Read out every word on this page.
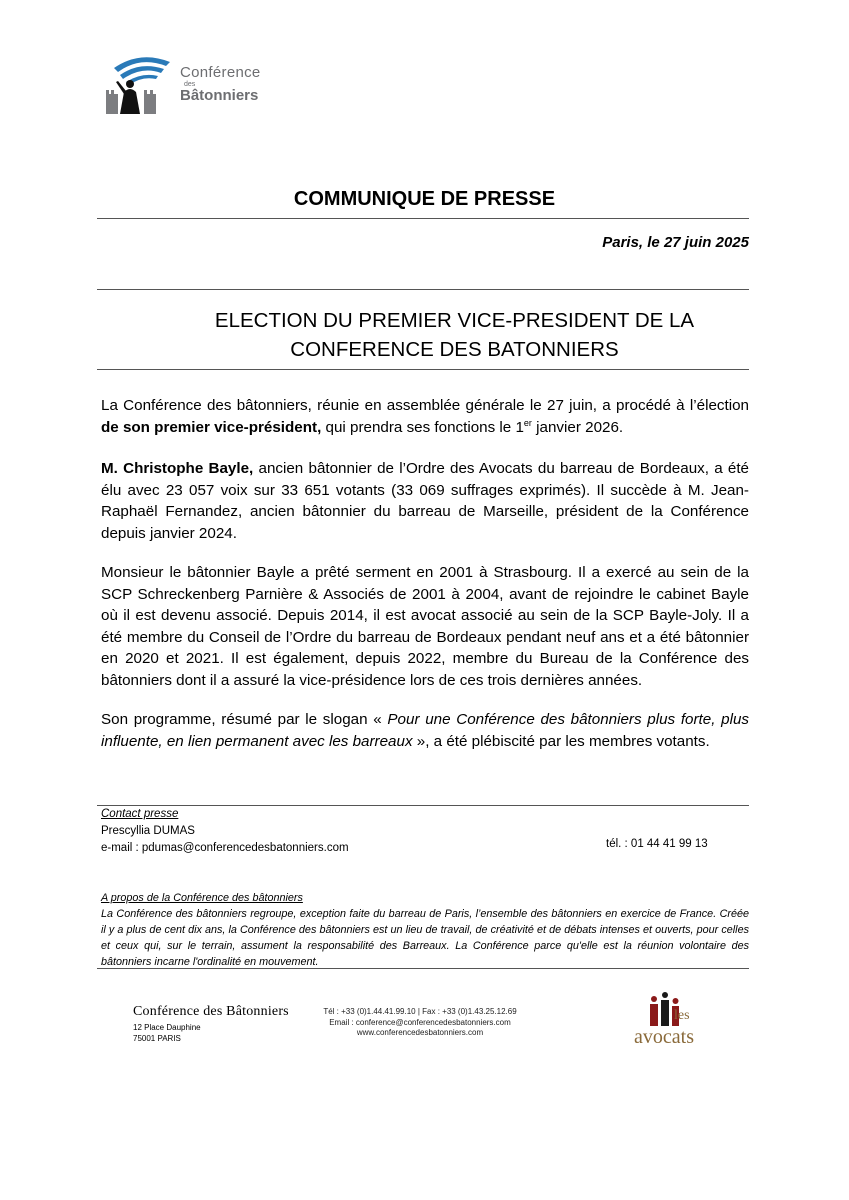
Conférence
des
Bâtonniers
COMMUNIQUE DE PRESSE
Paris, le 27 juin 2025
ELECTION DU PREMIER VICE-PRESIDENT DE LA
CONFERENCE DES BATONNIERS

La Conférence des bâtonniers, réunie en assemblée générale le 27 juin, a procédé à l’élection de son premier vice-président, qui prendra ses fonctions le 1er janvier 2026.

M. Christophe Bayle, ancien bâtonnier de l’Ordre des Avocats du barreau de Bordeaux, a été élu avec 23 057 voix sur 33 651 votants (33 069 suffrages exprimés). Il succède à M. Jean-Raphaël Fernandez, ancien bâtonnier du barreau de Marseille, président de la Conférence depuis janvier 2024.

Monsieur le bâtonnier Bayle a prêté serment en 2001 à Strasbourg. Il a exercé au sein de la SCP Schreckenberg Parnière & Associés de 2001 à 2004, avant de rejoindre le cabinet Bayle où il est devenu associé. Depuis 2014, il est avocat associé au sein de la SCP Bayle-Joly. Il a été membre du Conseil de l’Ordre du barreau de Bordeaux pendant neuf ans et a été bâtonnier en 2020 et 2021. Il est également, depuis 2022, membre du Bureau de la Conférence des bâtonniers dont il a assuré la vice-présidence lors de ces trois dernières années.

Son programme, résumé par le slogan « Pour une Conférence des bâtonniers plus forte, plus influente, en lien permanent avec les barreaux », a été plébiscité par les membres votants.

Contact presse
Prescyllia DUMAS
e-mail : pdumas@conferencedesbatonniers.com	tél. : 01 44 41 99 13
A propos de la Conférence des bâtonniers
La Conférence des bâtonniers regroupe, exception faite du barreau de Paris, l’ensemble des bâtonniers en exercice de France. Créée il y a plus de cent dix ans, la Conférence des bâtonniers est un lieu de travail, de créativité et de débats intenses et ouverts, pour celles et ceux qui, sur le terrain, assument la responsabilité des Barreaux. La Conférence parce qu'elle est la réunion volontaire des bâtonniers incarne l'ordinalité en mouvement.
Conférence des Bâtonniers
12 Place Dauphine
75001 PARIS
Tél : +33 (0)1.44.41.99.10 | Fax : +33 (0)1.43.25.12.69
Email : conference@conferencedesbatonniers.com
www.conferencedesbatonniers.com
les
avocats
